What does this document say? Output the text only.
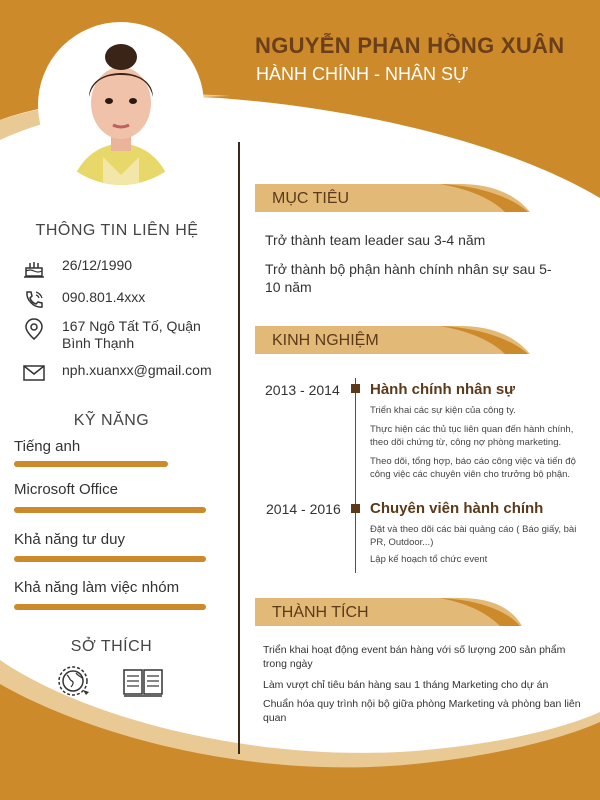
NGUYỄN PHAN HỒNG XUÂN
HÀNH CHÍNH - NHÂN SỰ
THÔNG TIN LIÊN HỆ
26/12/1990
090.801.4xxx
167 Ngô Tất Tố, Quận Bình Thạnh
nph.xuanxx@gmail.com
KỸ NĂNG
Tiếng anh
Microsoft Office
Khả năng tư duy
Khả năng làm việc nhóm
SỞ THÍCH
MỤC TIÊU
Trở thành team leader sau 3-4 năm
Trở thành bộ phận hành chính nhân sự sau 5-10 năm
KINH NGHIỆM
2013 - 2014 Hành chính nhân sự
Triển khai các sự kiện của công ty.
Thực hiện các thủ tục liên quan đến hành chính, theo dõi chứng từ, công nợ phòng marketing.
Theo dõi, tổng hợp, báo cáo công việc và tiến độ công việc các chuyên viên cho trưởng bộ phận.
2014 - 2016 Chuyên viên hành chính
Đặt và theo dõi các bài quảng cáo ( Báo giấy, bài PR, Outdoor...)
Lập kế hoạch tổ chức event
THÀNH TÍCH
Triển khai hoạt động event bán hàng với số lượng 200 sản phẩm trong ngày
Làm vượt chỉ tiêu bán hàng sau 1 tháng Marketing cho dự án
Chuẩn hóa quy trình nội bộ giữa phòng Marketing và phòng ban liên quan
